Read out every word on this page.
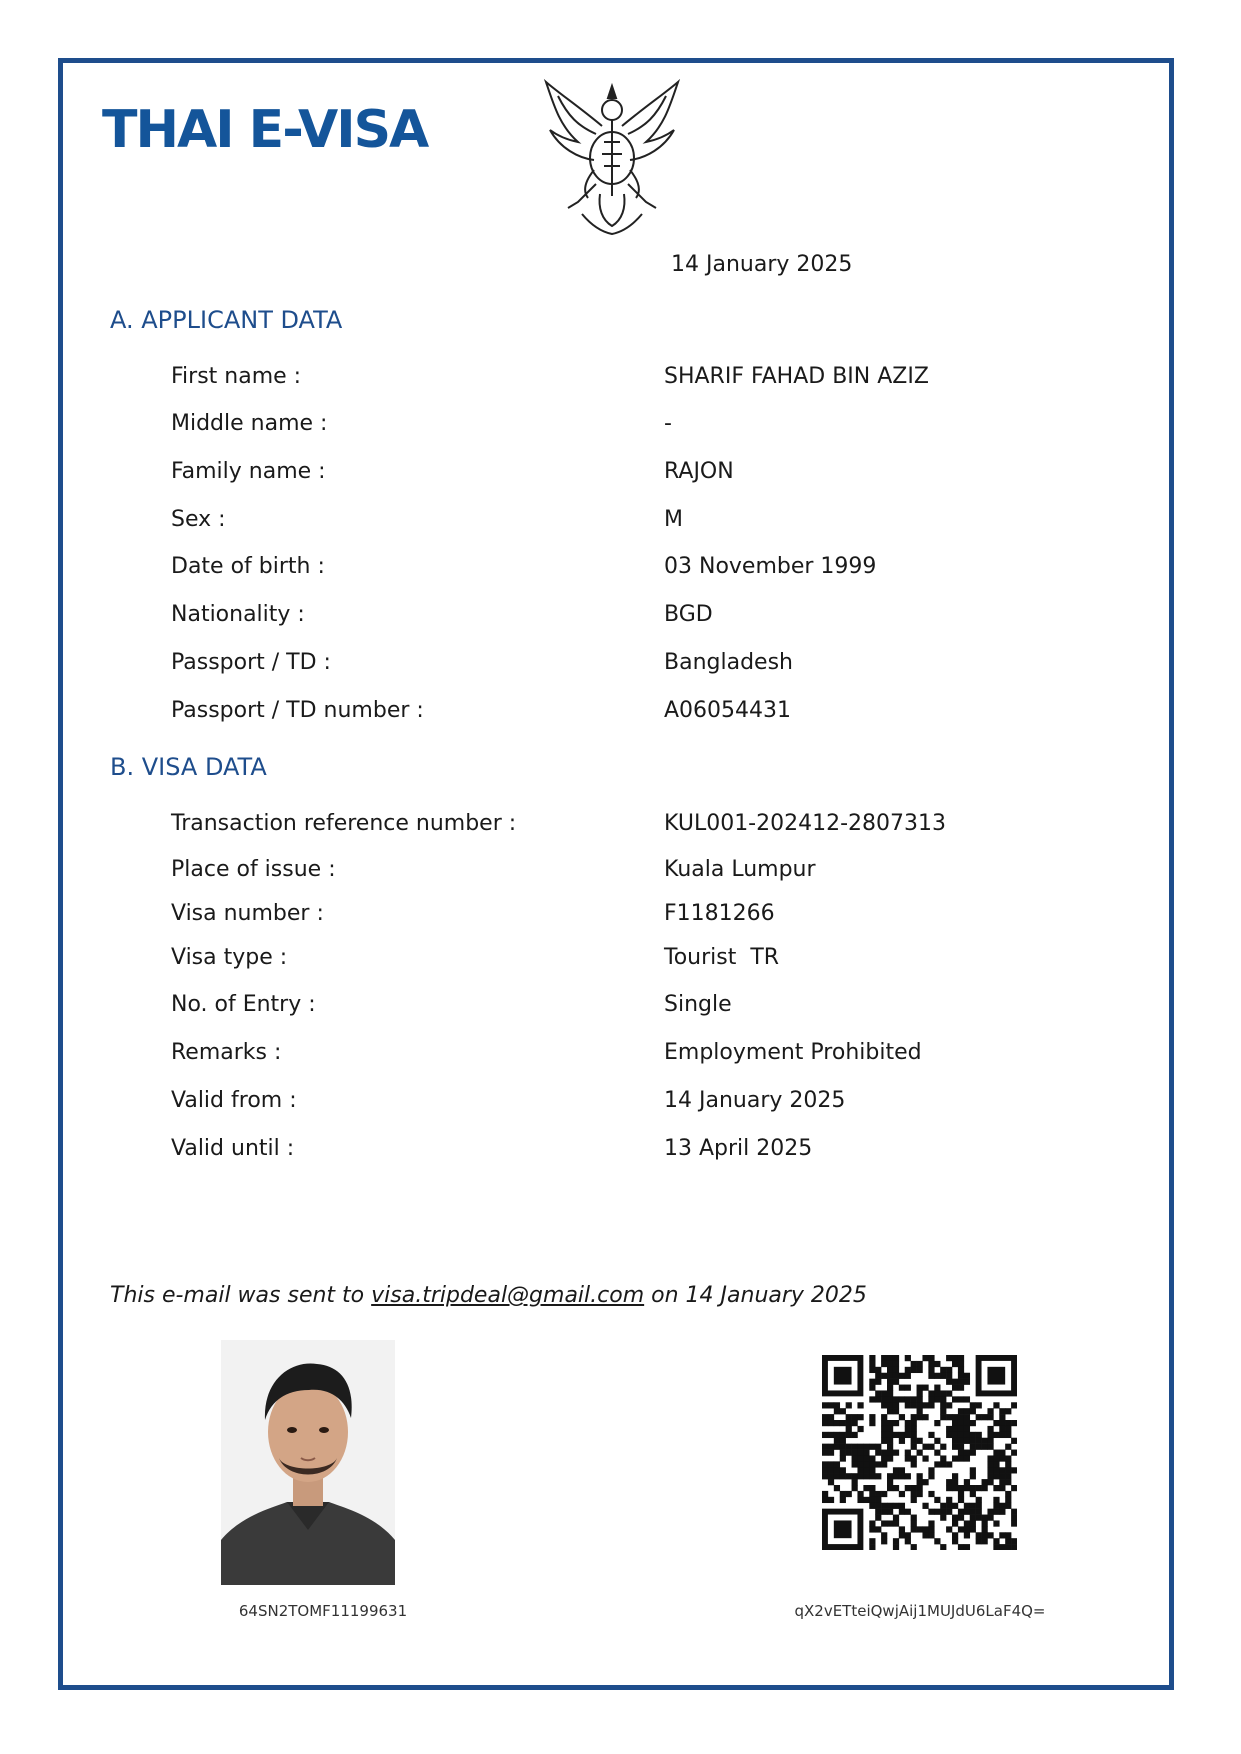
THAI E-VISA
14 January 2025
A. APPLICANT DATA
First name :	SHARIF FAHAD BIN AZIZ
Middle name :	-
Family name :	RAJON
Sex :	M
Date of birth :	03 November 1999
Nationality :	BGD
Passport / TD :	Bangladesh
Passport / TD number :	A06054431
B. VISA DATA
Transaction reference number :	KUL001-202412-2807313
Place of issue :	Kuala Lumpur
Visa number :	F1181266
Visa type :	Tourist  TR
No. of Entry :	Single
Remarks :	Employment Prohibited
Valid from :	14 January 2025
Valid until :	13 April 2025
This e-mail was sent to visa.tripdeal@gmail.com on 14 January 2025
64SN2TOMF11199631	qX2vETteiQwjAij1MUJdU6LaF4Q=
